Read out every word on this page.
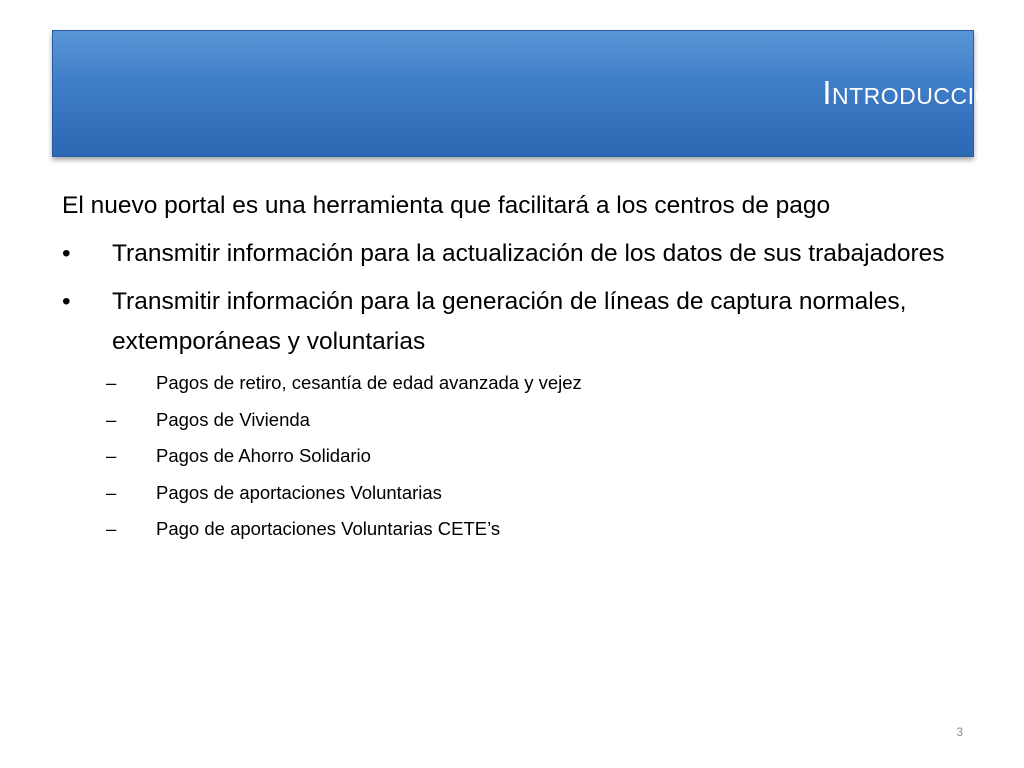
Introducción

El nuevo portal es una herramienta que facilitará a los centros de pago

•	Transmitir información para la actualización de los datos de sus trabajadores
•	Transmitir información para la generación de líneas de captura normales, extemporáneas y voluntarias
– Pagos de retiro, cesantía de edad avanzada y vejez
– Pagos de Vivienda
– Pagos de Ahorro Solidario
– Pagos de aportaciones Voluntarias
– Pago de aportaciones Voluntarias CETE’s
3
